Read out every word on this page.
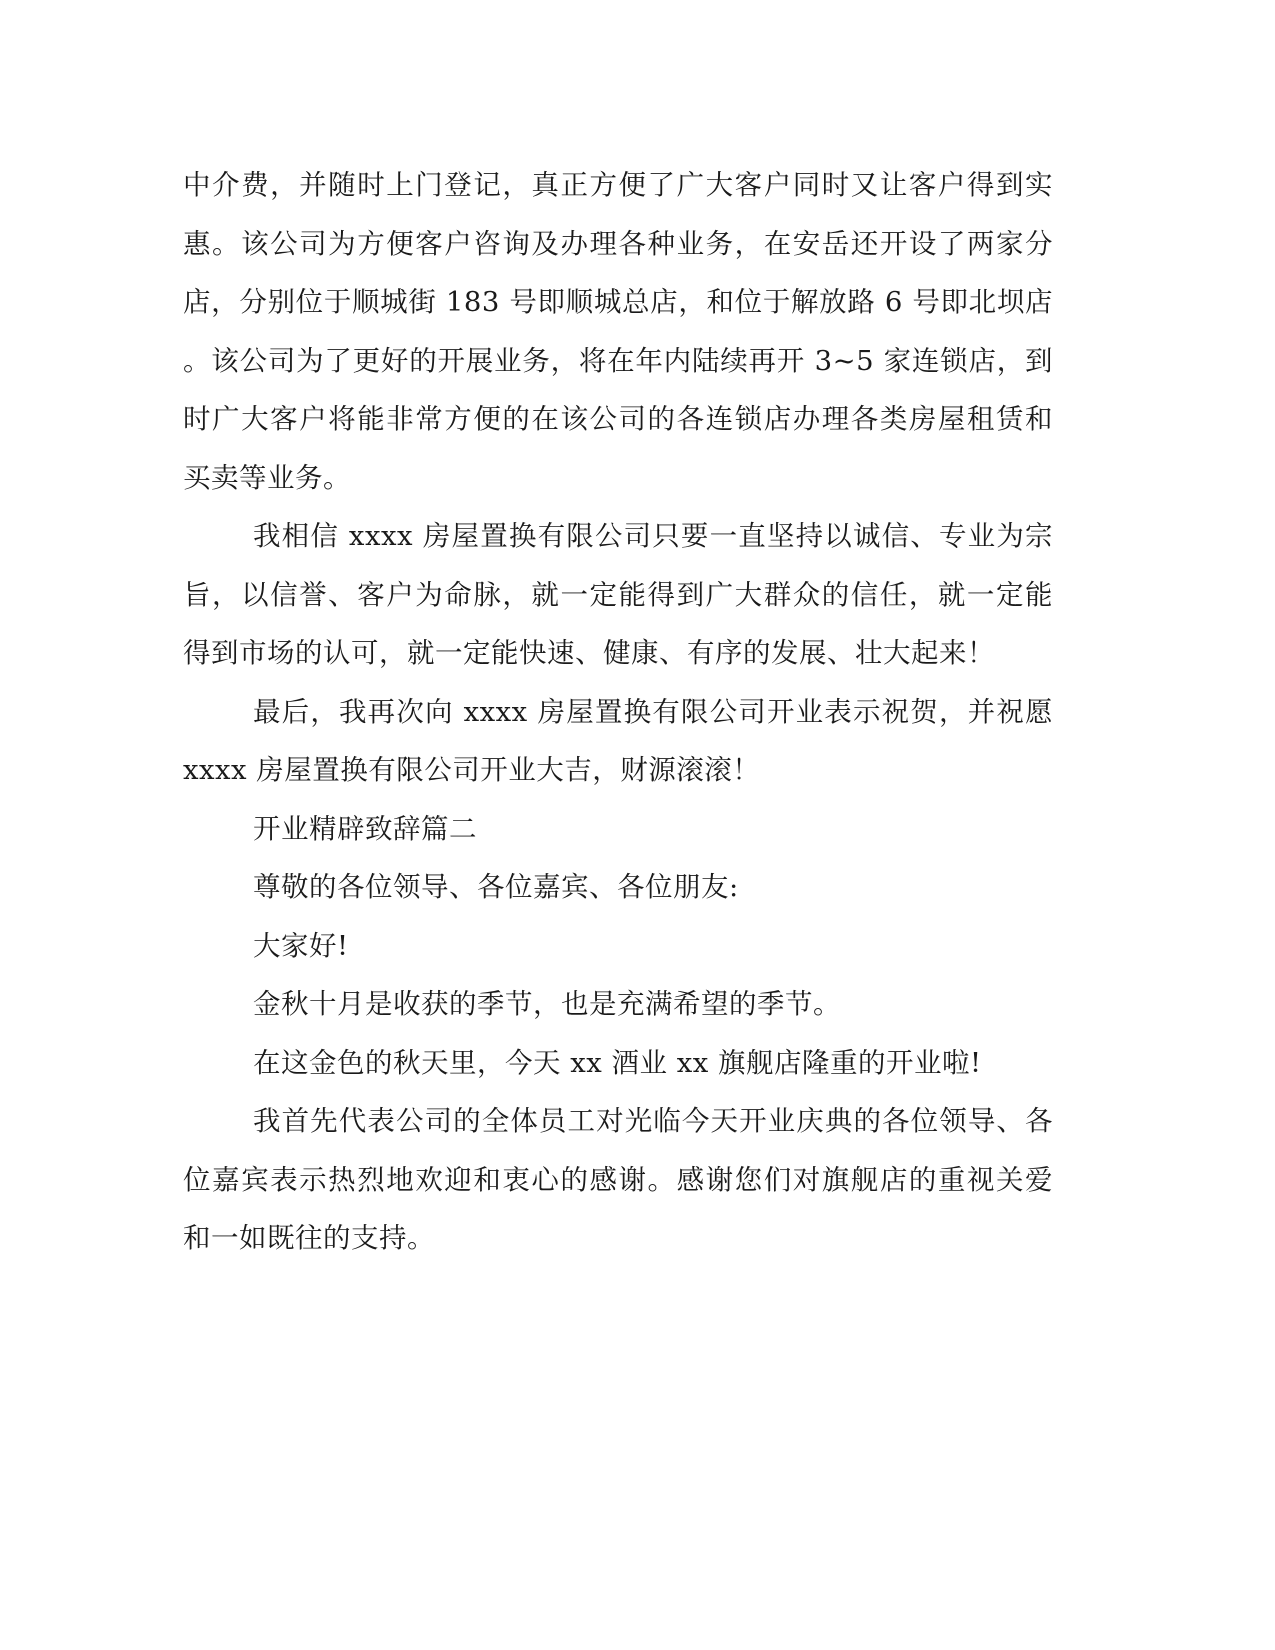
中介费，并随时上门登记，真正方便了广大客户同时又让客户得到实
惠。该公司为方便客户咨询及办理各种业务，在安岳还开设了两家分
店，分别位于顺城街 183 号即顺城总店，和位于解放路 6 号即北坝店
。该公司为了更好的开展业务，将在年内陆续再开 3~5 家连锁店，到
时广大客户将能非常方便的在该公司的各连锁店办理各类房屋租赁和
买卖等业务。
我相信 xxxx 房屋置换有限公司只要一直坚持以诚信、专业为宗
旨，以信誉、客户为命脉，就一定能得到广大群众的信任，就一定能
得到市场的认可，就一定能快速、健康、有序的发展、壮大起来！
最后，我再次向 xxxx 房屋置换有限公司开业表示祝贺，并祝愿
xxxx 房屋置换有限公司开业大吉，财源滚滚！
开业精辟致辞篇二
尊敬的各位领导、各位嘉宾、各位朋友:
大家好!
金秋十月是收获的季节，也是充满希望的季节。
在这金色的秋天里，今天 xx 酒业 xx 旗舰店隆重的开业啦!
我首先代表公司的全体员工对光临今天开业庆典的各位领导、各
位嘉宾表示热烈地欢迎和衷心的感谢。感谢您们对旗舰店的重视关爱
和一如既往的支持。
